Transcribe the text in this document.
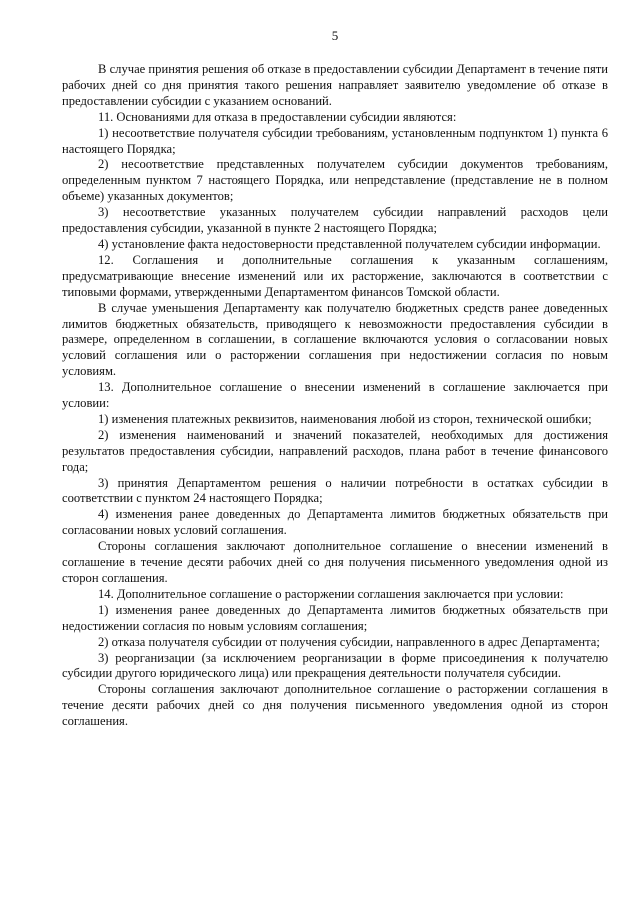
5

В случае принятия решения об отказе в предоставлении субсидии Департамент в течение пяти рабочих дней со дня принятия такого решения направляет заявителю уведомление об отказе в предоставлении субсидии с указанием оснований.

11. Основаниями для отказа в предоставлении субсидии являются:

1) несоответствие получателя субсидии требованиям, установленным подпунктом 1) пункта 6 настоящего Порядка;

2) несоответствие представленных получателем субсидии документов требованиям, определенным пунктом 7 настоящего Порядка, или непредставление (представление не в полном объеме) указанных документов;

3) несоответствие указанных получателем субсидии направлений расходов цели предоставления субсидии, указанной в пункте 2 настоящего Порядка;

4) установление факта недостоверности представленной получателем субсидии информации.

12. Соглашения и дополнительные соглашения к указанным соглашениям, предусматривающие внесение изменений или их расторжение, заключаются в соответствии с типовыми формами, утвержденными Департаментом финансов Томской области.

В случае уменьшения Департаменту как получателю бюджетных средств ранее доведенных лимитов бюджетных обязательств, приводящего к невозможности предоставления субсидии в размере, определенном в соглашении, в соглашение включаются условия о согласовании новых условий соглашения или о расторжении соглашения при недостижении согласия по новым условиям.

13. Дополнительное соглашение о внесении изменений в соглашение заключается при условии:

1) изменения платежных реквизитов, наименования любой из сторон, технической ошибки;

2) изменения наименований и значений показателей, необходимых для достижения результатов предоставления субсидии, направлений расходов, плана работ в течение финансового года;

3) принятия Департаментом решения о наличии потребности в остатках субсидии в соответствии с пунктом 24 настоящего Порядка;

4) изменения ранее доведенных до Департамента лимитов бюджетных обязательств при согласовании новых условий соглашения.

Стороны соглашения заключают дополнительное соглашение о внесении изменений в соглашение в течение десяти рабочих дней со дня получения письменного уведомления одной из сторон соглашения.

14. Дополнительное соглашение о расторжении соглашения заключается при условии:

1) изменения ранее доведенных до Департамента лимитов бюджетных обязательств при недостижении согласия по новым условиям соглашения;

2) отказа получателя субсидии от получения субсидии, направленного в адрес Департамента;

3) реорганизации (за исключением реорганизации в форме присоединения к получателю субсидии другого юридического лица) или прекращения деятельности получателя субсидии.

Стороны соглашения заключают дополнительное соглашение о расторжении соглашения в течение десяти рабочих дней со дня получения письменного уведомления одной из сторон соглашения.
